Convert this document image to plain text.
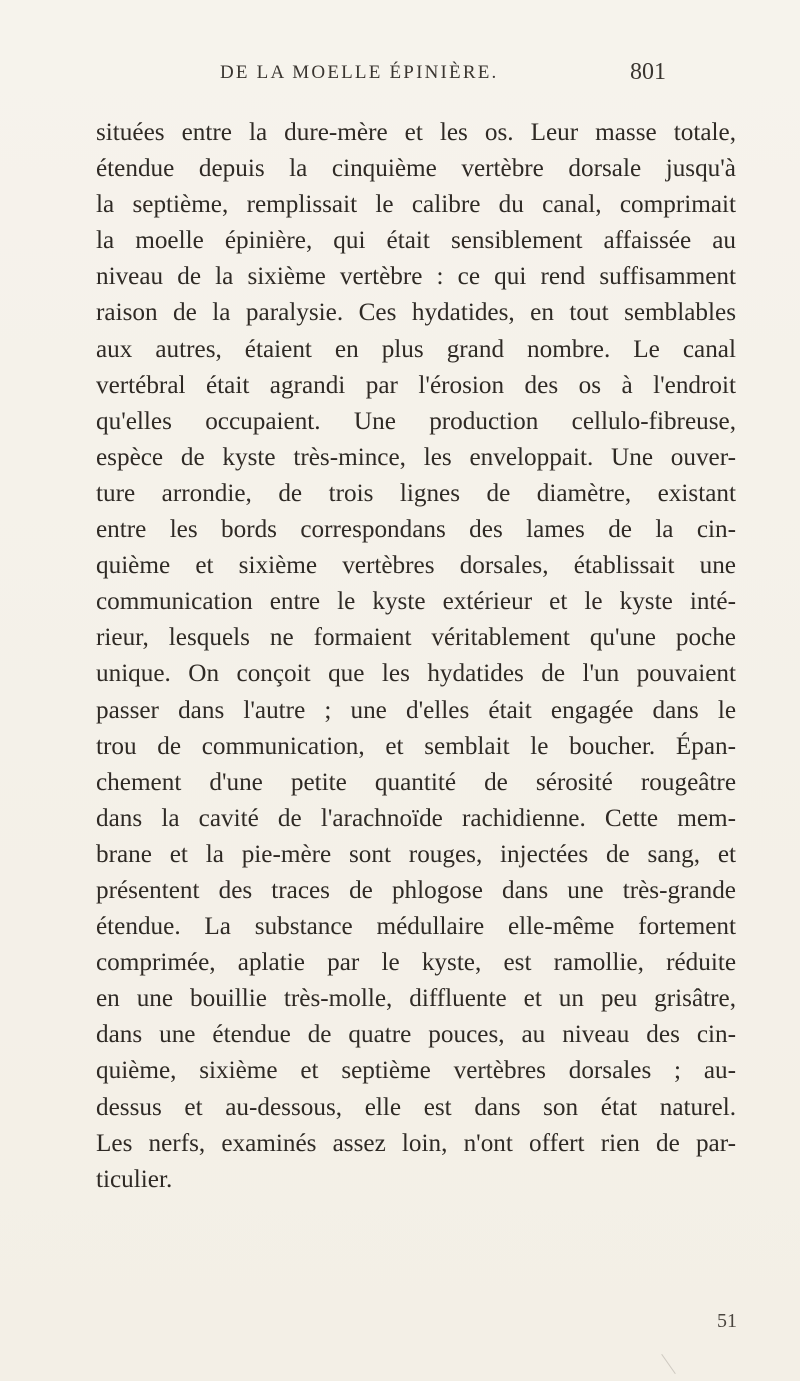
DE LA MOELLE ÉPINIÈRE.	801
situées entre la dure-mère et les os. Leur masse totale,
étendue depuis la cinquième vertèbre dorsale jusqu'à
la septième, remplissait le calibre du canal, comprimait
la moelle épinière, qui était sensiblement affaissée au
niveau de la sixième vertèbre : ce qui rend suffisamment
raison de la paralysie. Ces hydatides, en tout semblables
aux autres, étaient en plus grand nombre. Le canal
vertébral était agrandi par l'érosion des os à l'endroit
qu'elles occupaient. Une production cellulo-fibreuse,
espèce de kyste très-mince, les enveloppait. Une ouver-
ture arrondie, de trois lignes de diamètre, existant
entre les bords correspondans des lames de la cin-
quième et sixième vertèbres dorsales, établissait une
communication entre le kyste extérieur et le kyste inté-
rieur, lesquels ne formaient véritablement qu'une poche
unique. On conçoit que les hydatides de l'un pouvaient
passer dans l'autre ; une d'elles était engagée dans le
trou de communication, et semblait le boucher. Épan-
chement d'une petite quantité de sérosité rougeâtre
dans la cavité de l'arachnoïde rachidienne. Cette mem-
brane et la pie-mère sont rouges, injectées de sang, et
présentent des traces de phlogose dans une très-grande
étendue. La substance médullaire elle-même fortement
comprimée, aplatie par le kyste, est ramollie, réduite
en une bouillie très-molle, diffluente et un peu grisâtre,
dans une étendue de quatre pouces, au niveau des cin-
quième, sixième et septième vertèbres dorsales ; au-
dessus et au-dessous, elle est dans son état naturel.
Les nerfs, examinés assez loin, n'ont offert rien de par-
ticulier.
51
